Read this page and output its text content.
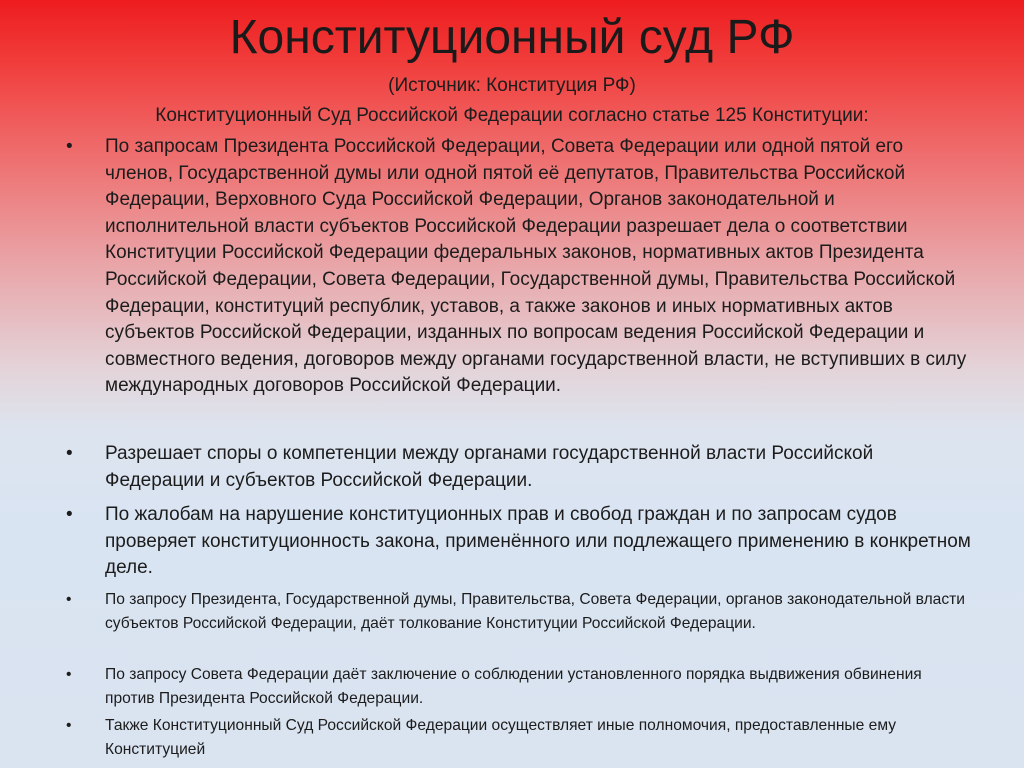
Конституционный суд РФ
(Источник: Конституция РФ)
Конституционный Суд Российской Федерации согласно статье 125 Конституции:
• По запросам Президента Российской Федерации, Совета Федерации или одной пятой его членов, Государственной думы или одной пятой её депутатов, Правительства Российской Федерации, Верховного Суда Российской Федерации, Органов законодательной и исполнительной власти субъектов Российской Федерации разрешает дела о соответствии Конституции Российской Федерации федеральных законов, нормативных актов Президента Российской Федерации, Совета Федерации, Государственной думы, Правительства Российской Федерации, конституций республик, уставов, а также законов и иных нормативных актов субъектов Российской Федерации, изданных по вопросам ведения Российской Федерации и совместного ведения, договоров между органами государственной власти, не вступивших в силу международных договоров Российской Федерации.
• Разрешает споры о компетенции между органами государственной власти Российской Федерации и субъектов Российской Федерации.
• По жалобам на нарушение конституционных прав и свобод граждан и по запросам судов проверяет конституционность закона, применённого или подлежащего применению в конкретном деле.
• По запросу Президента, Государственной думы, Правительства, Совета Федерации, органов законодательной власти субъектов Российской Федерации, даёт толкование Конституции Российской Федерации.
• По запросу Совета Федерации даёт заключение о соблюдении установленного порядка выдвижения обвинения против Президента Российской Федерации.
• Также Конституционный Суд Российской Федерации осуществляет иные полномочия, предоставленные ему Конституцией
